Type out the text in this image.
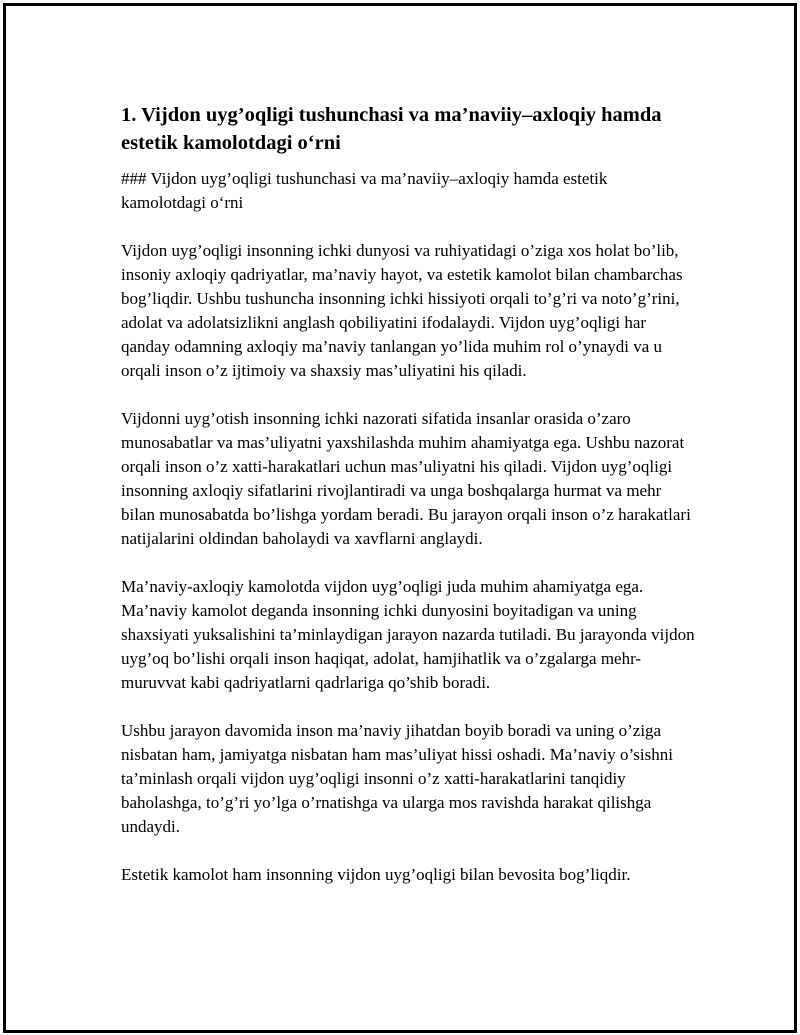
1. Vijdon uyg’oqligi tushunchasi va ma’naviiy–axloqiy hamda estetik kamolotdagi o‘rni

### Vijdon uyg’oqligi tushunchasi va ma’naviiy–axloqiy hamda estetik kamolotdagi o‘rni

Vijdon uyg’oqligi insonning ichki dunyosi va ruhiyatidagi o’ziga xos holat bo’lib, insoniy axloqiy qadriyatlar, ma’naviy hayot, va estetik kamolot bilan chambarchas bog’liqdir. Ushbu tushuncha insonning ichki hissiyoti orqali to’g’ri va noto’g’rini, adolat va adolatsizlikni anglash qobiliyatini ifodalaydi. Vijdon uyg’oqligi har qanday odamning axloqiy ma’naviy tanlangan yo’lida muhim rol o’ynaydi va u orqali inson o’z ijtimoiy va shaxsiy mas’uliyatini his qiladi.

Vijdonni uyg’otish insonning ichki nazorati sifatida insanlar orasida o’zaro munosabatlar va mas’uliyatni yaxshilashda muhim ahamiyatga ega. Ushbu nazorat orqali inson o’z xatti-harakatlari uchun mas’uliyatni his qiladi. Vijdon uyg’oqligi insonning axloqiy sifatlarini rivojlantiradi va unga boshqalarga hurmat va mehr bilan munosabatda bo’lishga yordam beradi. Bu jarayon orqali inson o’z harakatlari natijalarini oldindan baholaydi va xavflarni anglaydi.

Ma’naviy-axloqiy kamolotda vijdon uyg’oqligi juda muhim ahamiyatga ega. Ma’naviy kamolot deganda insonning ichki dunyosini boyitadigan va uning shaxsiyati yuksalishini ta’minlaydigan jarayon nazarda tutiladi. Bu jarayonda vijdon uyg’oq bo’lishi orqali inson haqiqat, adolat, hamjihatlik va o’zgalarga mehr-muruvvat kabi qadriyatlarni qadrlariga qo’shib boradi.

Ushbu jarayon davomida inson ma’naviy jihatdan boyib boradi va uning o’ziga nisbatan ham, jamiyatga nisbatan ham mas’uliyat hissi oshadi. Ma’naviy o’sishni ta’minlash orqali vijdon uyg’oqligi insonni o’z xatti-harakatlarini tanqidiy baholashga, to’g’ri yo’lga o’rnatishga va ularga mos ravishda harakat qilishga undaydi.

Estetik kamolot ham insonning vijdon uyg’oqligi bilan bevosita bog’liqdir.
